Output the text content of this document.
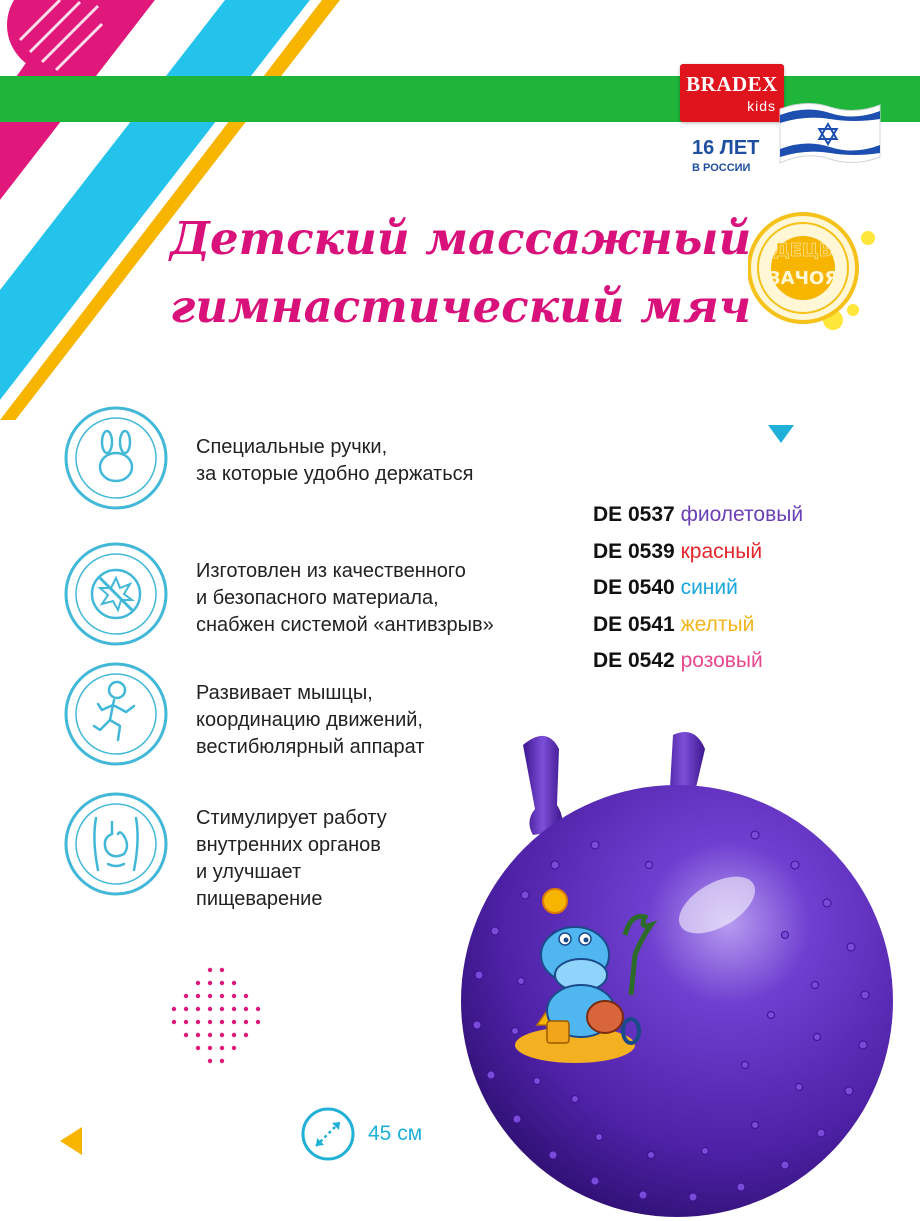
BRADEX
kids
16 ЛЕТ
В РОССИИ
Детский массажный
гимнастический мяч
ДЕЦЬ
ЗАЧОЯ
Специальные ручки,
за которые удобно держаться
Изготовлен из качественного
и безопасного материала,
снабжен системой «антивзрыв»
Развивает мышцы,
координацию движений,
вестибюлярный аппарат
Стимулирует работу
внутренних органов
и улучшает
пищеварение
DE 0537 фиолетовый
DE 0539 красный
DE 0540 синий
DE 0541 желтый
DE 0542 розовый
45 см
